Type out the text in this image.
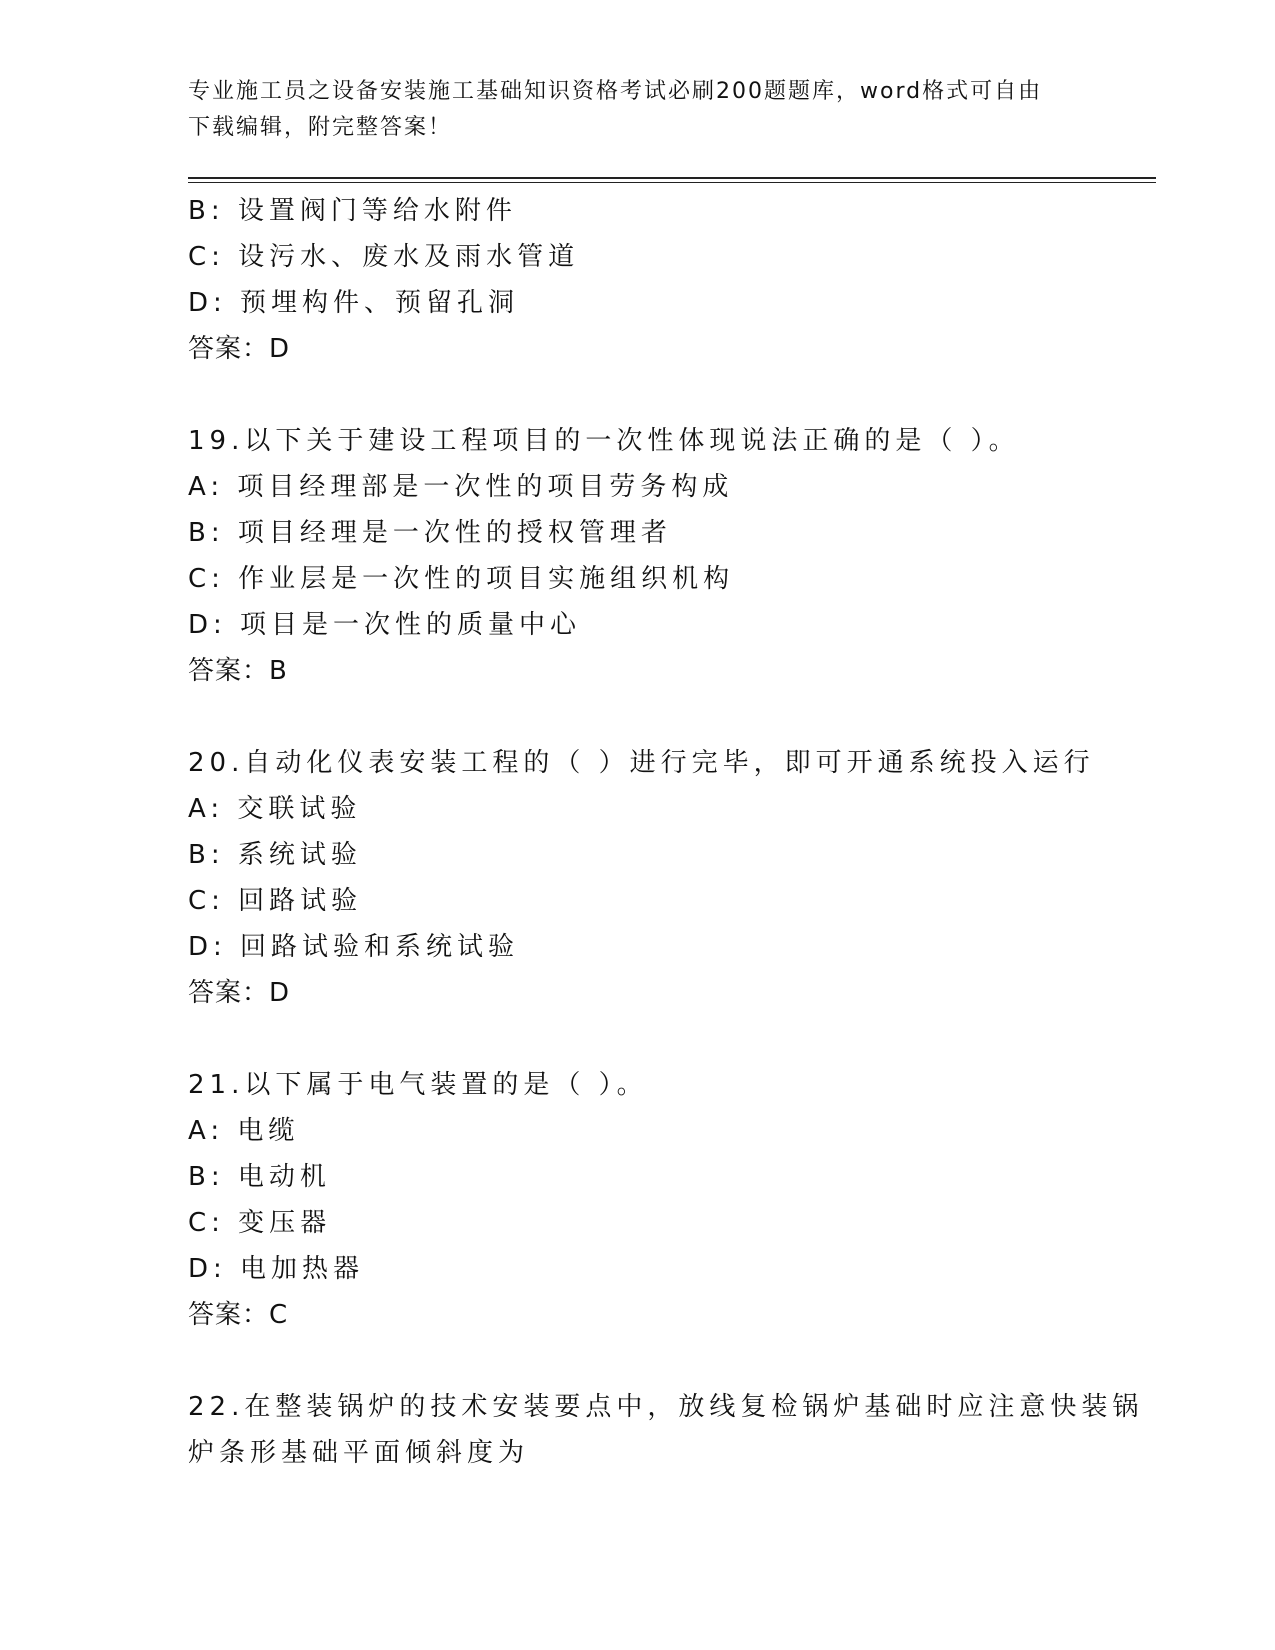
专业施工员之设备安装施工基础知识资格考试必刷200题题库，word格式可自由
下载编辑，附完整答案！
B: 设置阀门等给水附件
C: 设污水、废水及雨水管道
D: 预埋构件、预留孔洞
答案：D
19.以下关于建设工程项目的一次性体现说法正确的是（ ）。
A: 项目经理部是一次性的项目劳务构成
B: 项目经理是一次性的授权管理者
C: 作业层是一次性的项目实施组织机构
D: 项目是一次性的质量中心
答案：B
20.自动化仪表安装工程的（ ）进行完毕，即可开通系统投入运行
A: 交联试验
B: 系统试验
C: 回路试验
D: 回路试验和系统试验
答案：D
21.以下属于电气装置的是（ ）。
A: 电缆
B: 电动机
C: 变压器
D: 电加热器
答案：C
22.在整装锅炉的技术安装要点中，放线复检锅炉基础时应注意快装锅
炉条形基础平面倾斜度为
